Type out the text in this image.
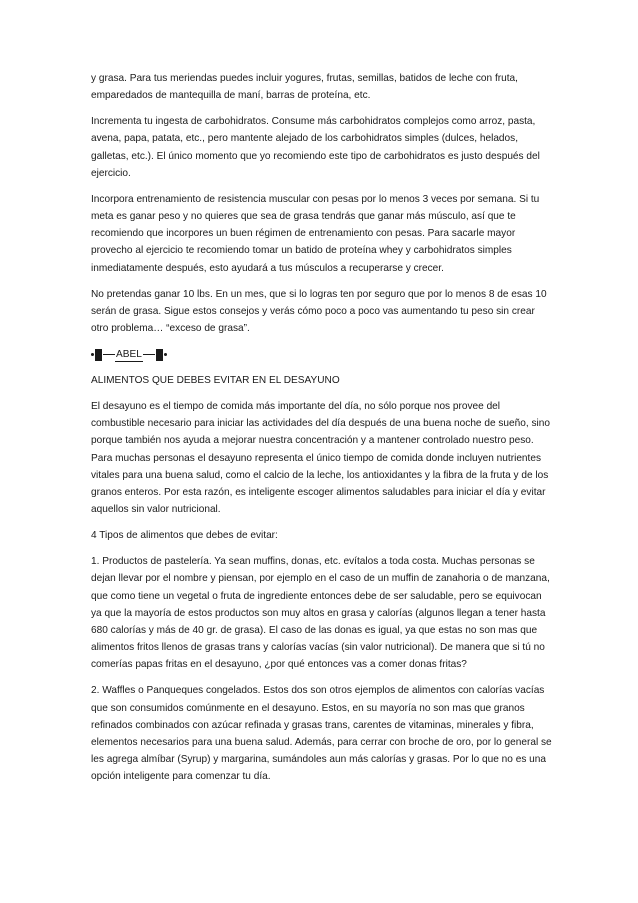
y grasa. Para tus meriendas puedes incluir yogures, frutas, semillas, batidos de leche con fruta, emparedados de mantequilla de maní, barras de proteína, etc.

Incrementa tu ingesta de carbohidratos. Consume más carbohidratos complejos como arroz, pasta, avena, papa, patata, etc., pero mantente alejado de los carbohidratos simples (dulces, helados, galletas, etc.). El único momento que yo recomiendo este tipo de carbohidratos es justo después del ejercicio.

Incorpora entrenamiento de resistencia muscular con pesas por lo menos 3 veces por semana. Si tu meta es ganar peso y no quieres que sea de grasa tendrás que ganar más músculo, así que te recomiendo que incorpores un buen régimen de entrenamiento con pesas. Para sacarle mayor provecho al ejercicio te recomiendo tomar un batido de proteína whey y carbohidratos simples inmediatamente después, esto ayudará a tus músculos a recuperarse y crecer.

No pretendas ganar 10 lbs. En un mes, que si lo logras ten por seguro que por lo menos 8 de esas 10 serán de grasa. Sigue estos consejos y verás cómo poco a poco vas aumentando tu peso sin crear otro problema… “exceso de grasa”.

ABEL

ALIMENTOS QUE DEBES EVITAR EN EL DESAYUNO

El desayuno es el tiempo de comida más importante del día, no sólo porque nos provee del combustible necesario para iniciar las actividades del día después de una buena noche de sueño, sino porque también nos ayuda a mejorar nuestra concentración y a mantener controlado nuestro peso. Para muchas personas el desayuno representa el único tiempo de comida donde incluyen nutrientes vitales para una buena salud, como el calcio de la leche, los antioxidantes y la fibra de la fruta y de los granos enteros. Por esta razón, es inteligente escoger alimentos saludables para iniciar el día y evitar aquellos sin valor nutricional.

4 Tipos de alimentos que debes de evitar:

1. Productos de pastelería. Ya sean muffins, donas, etc. evítalos a toda costa. Muchas personas se dejan llevar por el nombre y piensan, por ejemplo en el caso de un muffin de zanahoria o de manzana, que como tiene un vegetal o fruta de ingrediente entonces debe de ser saludable, pero se equivocan ya que la mayoría de estos productos son muy altos en grasa y calorías (algunos llegan a tener hasta 680 calorías y más de 40 gr. de grasa). El caso de las donas es igual, ya que estas no son mas que alimentos fritos llenos de grasas trans y calorías vacías (sin valor nutricional). De manera que si tú no comerías papas fritas en el desayuno, ¿por qué entonces vas a comer donas fritas?

2. Waffles o Panqueques congelados. Estos dos son otros ejemplos de alimentos con calorías vacías que son consumidos comúnmente en el desayuno. Estos, en su mayoría no son mas que granos refinados combinados con azúcar refinada y grasas trans, carentes de vitaminas, minerales y fibra, elementos necesarios para una buena salud. Además, para cerrar con broche de oro, por lo general se les agrega almíbar (Syrup) y margarina, sumándoles aun más calorías y grasas. Por lo que no es una opción inteligente para comenzar tu día.
